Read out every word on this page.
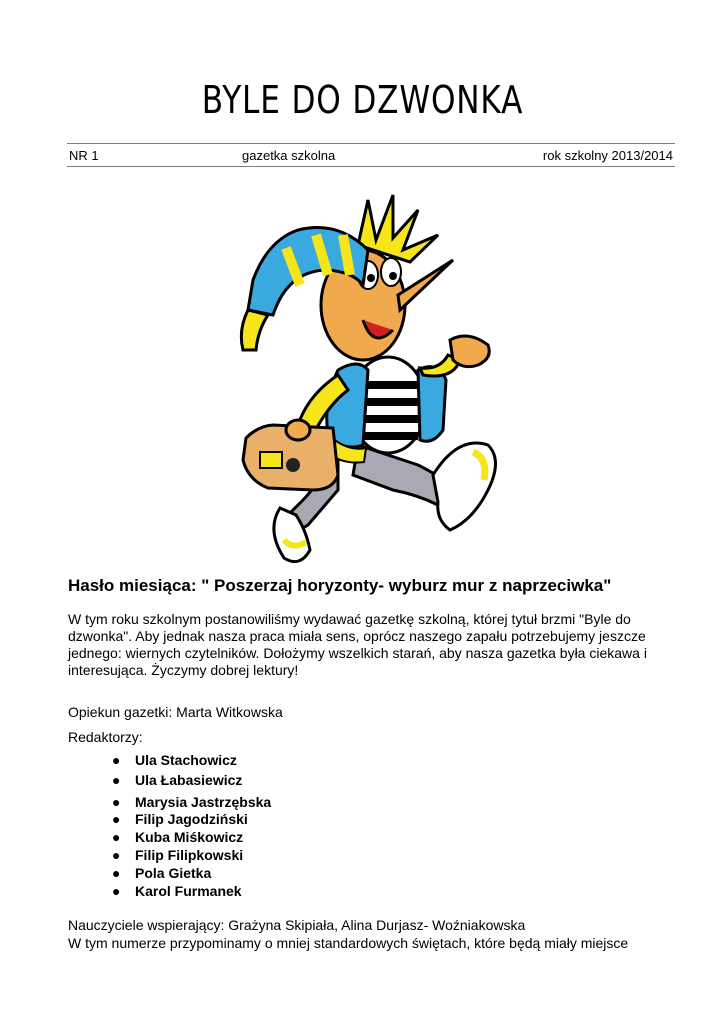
BYLE DO DZWONKA
NR 1	gazetka szkolna	rok szkolny 2013/2014
Hasło miesiąca: " Poszerzaj horyzonty- wyburz mur z naprzeciwka"
W tym roku szkolnym postanowiliśmy wydawać gazetkę szkolną, której tytuł brzmi "Byle do dzwonka". Aby jednak nasza praca miała sens, oprócz naszego zapału potrzebujemy jeszcze jednego: wiernych czytelników. Dołożymy wszelkich starań, aby nasza gazetka była ciekawa i interesująca. Życzymy dobrej lektury!
Opiekun gazetki: Marta Witkowska
Redaktorzy:
● Ula Stachowicz
● Ula Łabasiewicz
● Marysia Jastrzębska
● Filip Jagodziński
● Kuba Miśkowicz
● Filip Filipkowski
● Pola Gietka
● Karol Furmanek
Nauczyciele wspierający: Grażyna Skipiała, Alina Durjasz- Woźniakowska
W tym numerze przypominamy o mniej standardowych świętach, które będą miały miejsce
